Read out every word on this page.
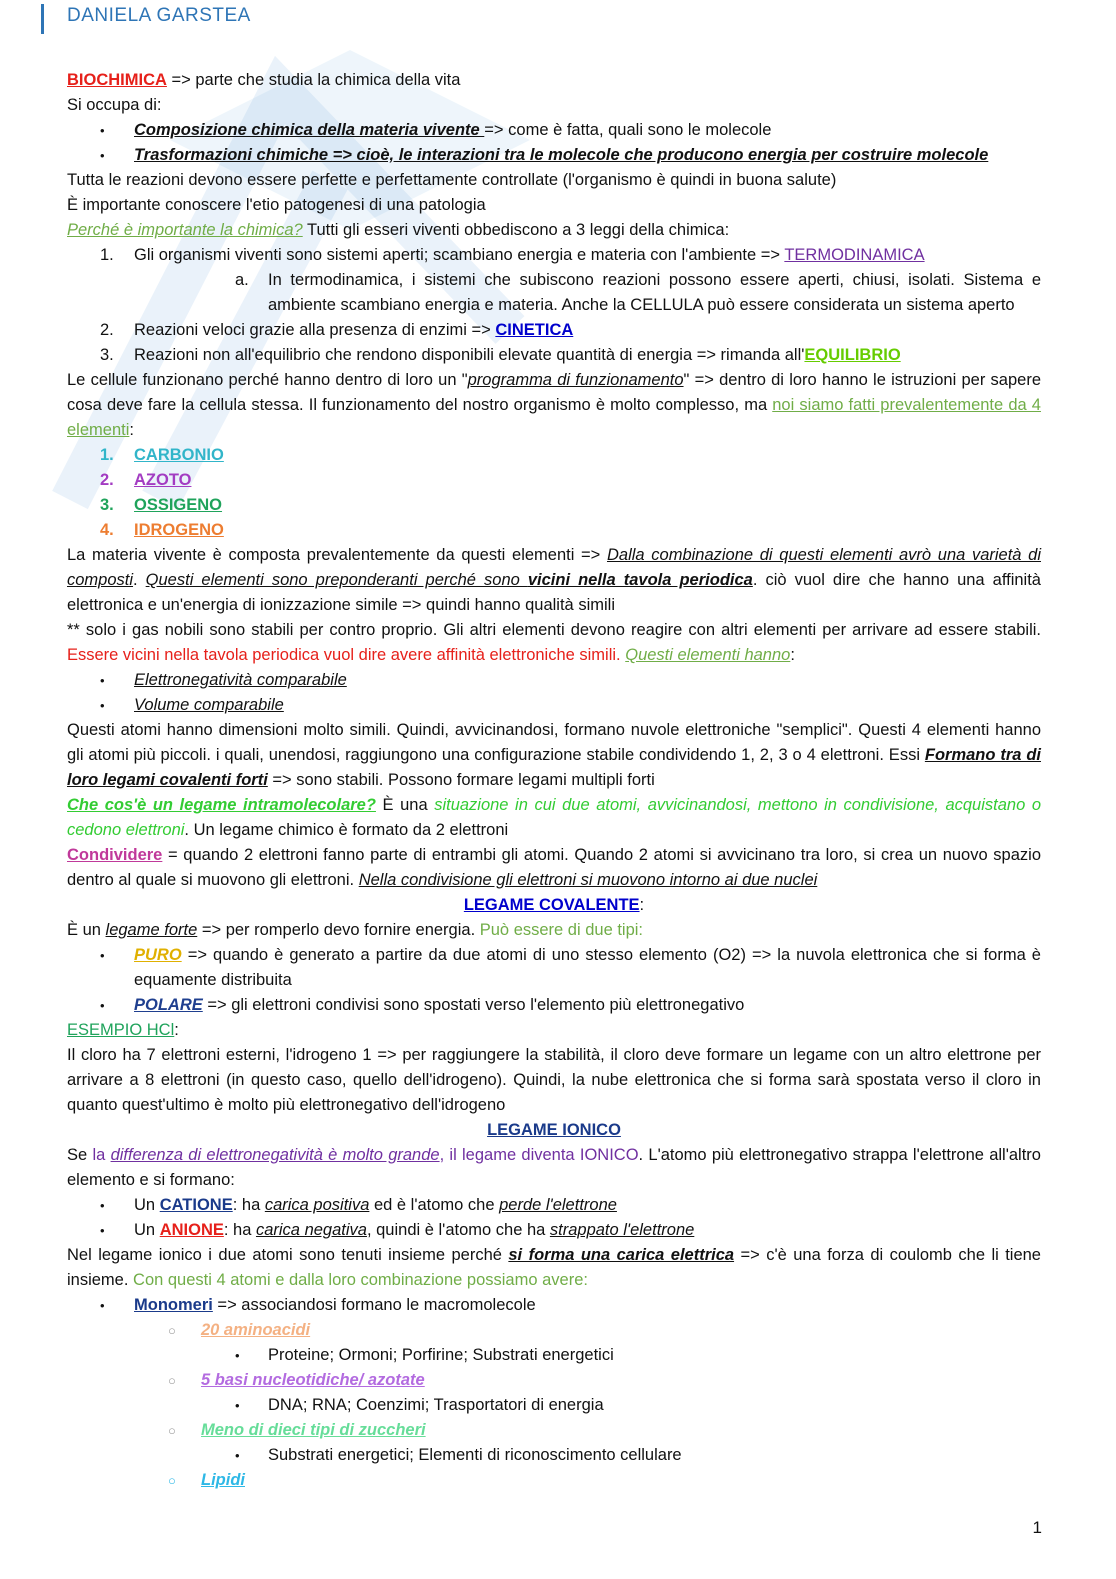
DANIELA GARSTEA

BIOCHIMICA => parte che studia la chimica della vita

Si occupa di:

• Composizione chimica della materia vivente => come è fatta, quali sono le molecole
• Trasformazioni chimiche => cioè, le interazioni tra le molecole che producono energia per costruire molecole

Tutta le reazioni devono essere perfette e perfettamente controllate (l'organismo è quindi in buona salute)

È importante conoscere l'etio patogenesi di una patologia

Perché è importante la chimica? Tutti gli esseri viventi obbediscono a 3 leggi della chimica:

1. Gli organismi viventi sono sistemi aperti; scambiano energia e materia con l'ambiente => TERMODINAMICA
a. In termodinamica, i sistemi che subiscono reazioni possono essere aperti, chiusi, isolati. Sistema e ambiente scambiano energia e materia. Anche la CELLULA può essere considerata un sistema aperto
2. Reazioni veloci grazie alla presenza di enzimi => CINETICA
3. Reazioni non all'equilibrio che rendono disponibili elevate quantità di energia => rimanda all'EQUILIBRIO

Le cellule funzionano perché hanno dentro di loro un "programma di funzionamento" => dentro di loro hanno le istruzioni per sapere cosa deve fare la cellula stessa. Il funzionamento del nostro organismo è molto complesso, ma noi siamo fatti prevalentemente da 4 elementi:

1. CARBONIO
2. AZOTO
3. OSSIGENO
4. IDROGENO

La materia vivente è composta prevalentemente da questi elementi => Dalla combinazione di questi elementi avrò una varietà di composti. Questi elementi sono preponderanti perché sono vicini nella tavola periodica. ciò vuol dire che hanno una affinità elettronica e un'energia di ionizzazione simile => quindi hanno qualità simili

** solo i gas nobili sono stabili per contro proprio. Gli altri elementi devono reagire con altri elementi per arrivare ad essere stabili. Essere vicini nella tavola periodica vuol dire avere affinità elettroniche simili. Questi elementi hanno:

• Elettronegatività comparabile
• Volume comparabile

Questi atomi hanno dimensioni molto simili. Quindi, avvicinandosi, formano nuvole elettroniche "semplici". Questi 4 elementi hanno gli atomi più piccoli. i quali, unendosi, raggiungono una configurazione stabile condividendo 1, 2, 3 o 4 elettroni. Essi Formano tra di loro legami covalenti forti => sono stabili. Possono formare legami multipli forti

Che cos'è un legame intramolecolare? È una situazione in cui due atomi, avvicinandosi, mettono in condivisione, acquistano o cedono elettroni. Un legame chimico è formato da 2 elettroni

Condividere = quando 2 elettroni fanno parte di entrambi gli atomi. Quando 2 atomi si avvicinano tra loro, si crea un nuovo spazio dentro al quale si muovono gli elettroni. Nella condivisione gli elettroni si muovono intorno ai due nuclei

LEGAME COVALENTE:

È un legame forte => per romperlo devo fornire energia. Può essere di due tipi:

• PURO => quando è generato a partire da due atomi di uno stesso elemento (O2) => la nuvola elettronica che si forma è equamente distribuita
• POLARE => gli elettroni condivisi sono spostati verso l'elemento più elettronegativo

ESEMPIO HCl:

Il cloro ha 7 elettroni esterni, l'idrogeno 1 => per raggiungere la stabilità, il cloro deve formare un legame con un altro elettrone per arrivare a 8 elettroni (in questo caso, quello dell'idrogeno). Quindi, la nube elettronica che si forma sarà spostata verso il cloro in quanto quest'ultimo è molto più elettronegativo dell'idrogeno

LEGAME IONICO

Se la differenza di elettronegatività è molto grande, il legame diventa IONICO. L'atomo più elettronegativo strappa l'elettrone all'altro elemento e si formano:

• Un CATIONE: ha carica positiva ed è l'atomo che perde l'elettrone
• Un ANIONE: ha carica negativa, quindi è l'atomo che ha strappato l'elettrone

Nel legame ionico i due atomi sono tenuti insieme perché si forma una carica elettrica => c'è una forza di coulomb che li tiene insieme. Con questi 4 atomi e dalla loro combinazione possiamo avere:

• Monomeri => associandosi formano le macromolecole
○ 20 aminoacidi
• Proteine; Ormoni; Porfirine; Substrati energetici
○ 5 basi nucleotidiche/ azotate
• DNA; RNA; Coenzimi; Trasportatori di energia
○ Meno di dieci tipi di zuccheri
• Substrati energetici; Elementi di riconoscimento cellulare
○ Lipidi
1
